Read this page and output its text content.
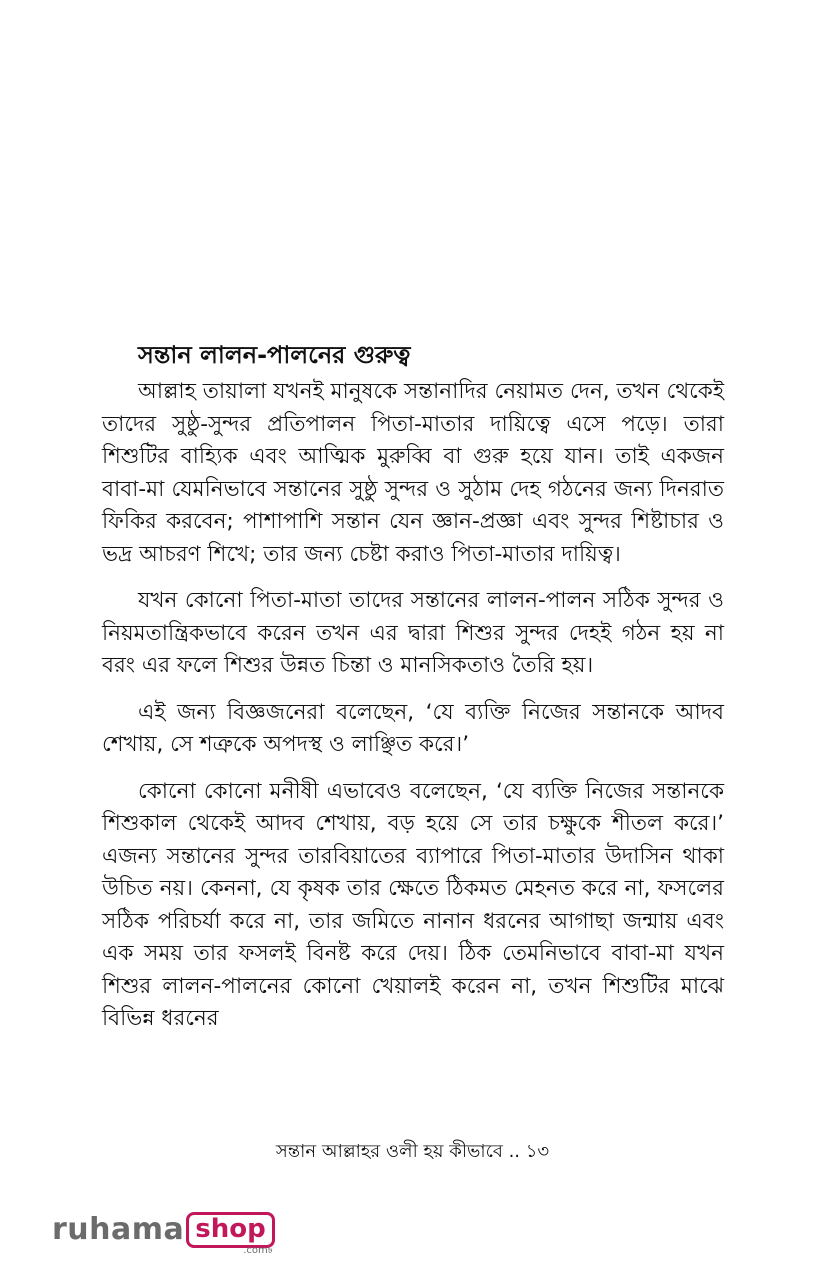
সন্তান লালন-পালনের গুরুত্ব

আল্লাহ তায়ালা যখনই মানুষকে সন্তানাদির নেয়ামত দেন, তখন থেকেই তাদের সুষ্ঠু-সুন্দর প্রতিপালন পিতা-মাতার দায়িত্বে এসে পড়ে। তারা শিশুটির বাহ্যিক এবং আত্মিক মুরুব্বি বা গুরু হয়ে যান। তাই একজন বাবা-মা যেমনিভাবে সন্তানের সুষ্ঠু সুন্দর ও সুঠাম দেহ গঠনের জন্য দিনরাত ফিকির করবেন; পাশাপাশি সন্তান যেন জ্ঞান-প্রজ্ঞা এবং সুন্দর শিষ্টাচার ও ভদ্র আচরণ শিখে; তার জন্য চেষ্টা করাও পিতা-মাতার দায়িত্ব।

যখন কোনো পিতা-মাতা তাদের সন্তানের লালন-পালন সঠিক সুন্দর ও নিয়মতান্ত্রিকভাবে করেন তখন এর দ্বারা শিশুর সুন্দর দেহই গঠন হয় না বরং এর ফলে শিশুর উন্নত চিন্তা ও মানসিকতাও তৈরি হয়।

এই জন্য বিজ্ঞজনেরা বলেছেন, ‘যে ব্যক্তি নিজের সন্তানকে আদব শেখায়, সে শত্রুকে অপদস্থ ও লাঞ্ছিত করে।’

কোনো কোনো মনীষী এভাবেও বলেছেন, ‘যে ব্যক্তি নিজের সন্তানকে শিশুকাল থেকেই আদব শেখায়, বড় হয়ে সে তার চক্ষুকে শীতল করে।’ এজন্য সন্তানের সুন্দর তারবিয়াতের ব্যাপারে পিতা-মাতার উদাসিন থাকা উচিত নয়। কেননা, যে কৃষক তার ক্ষেতে ঠিকমত মেহনত করে না, ফসলের সঠিক পরিচর্যা করে না, তার জমিতে নানান ধরনের আগাছা জন্মায় এবং এক সময় তার ফসলই বিনষ্ট করে দেয়। ঠিক তেমনিভাবে বাবা-মা যখন শিশুর লালন-পালনের কোনো খেয়ালই করেন না, তখন শিশুটির মাঝে বিভিন্ন ধরনের

সন্তান আল্লাহর ওলী হয় কীভাবে .. ১৩
ruhama shop
.com৳
